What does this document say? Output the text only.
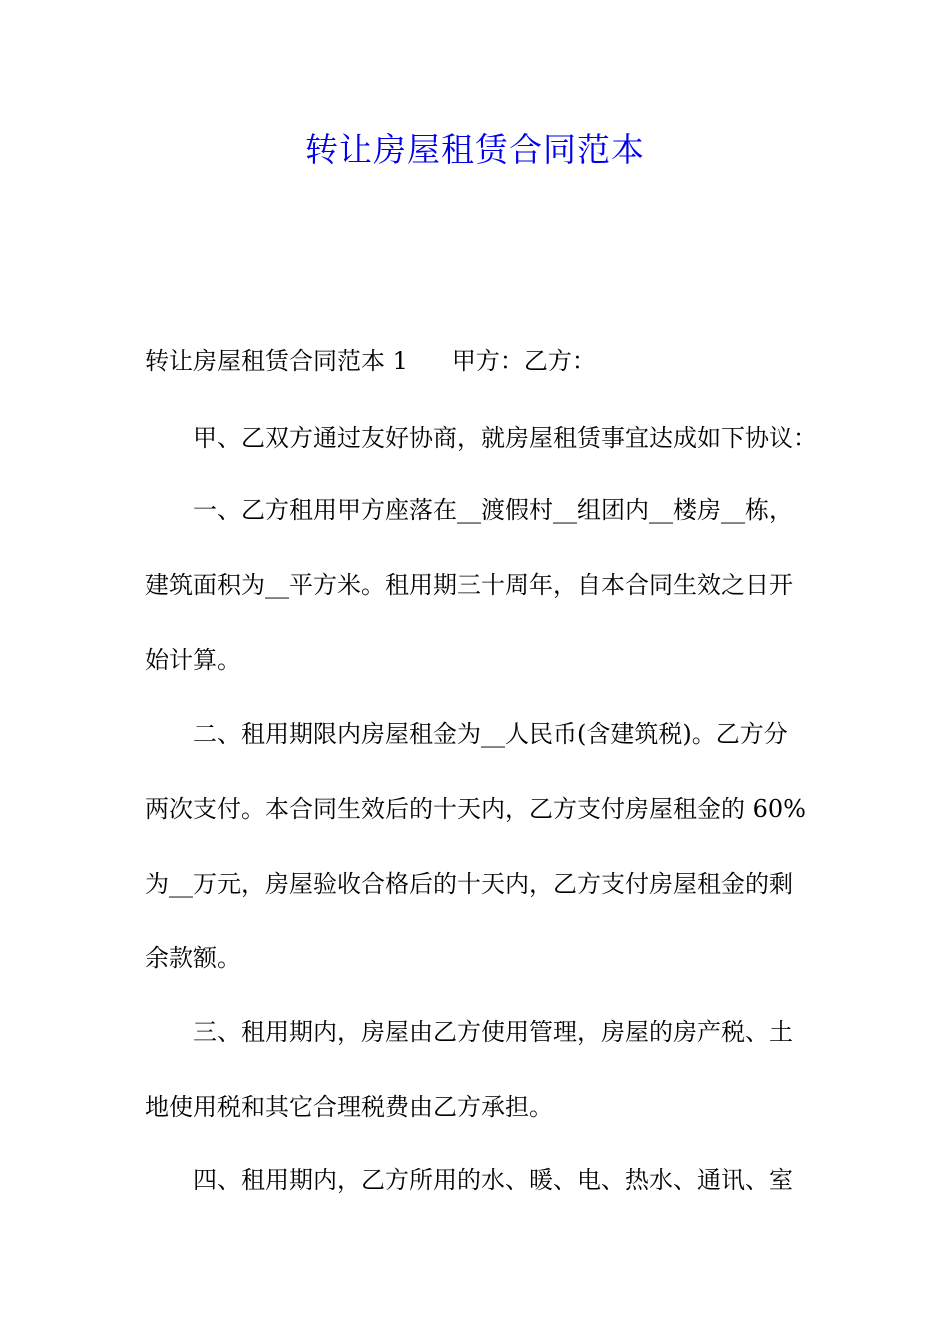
转让房屋租赁合同范本

转让房屋租赁合同范本 1 甲方：乙方：

甲、乙双方通过友好协商，就房屋租赁事宜达成如下协议：

一、乙方租用甲方座落在__渡假村__组团内__楼房__栋，

建筑面积为__平方米。租用期三十周年，自本合同生效之日开

始计算。

二、租用期限内房屋租金为__人民币(含建筑税)。乙方分

两次支付。本合同生效后的十天内，乙方支付房屋租金的 60%

为__万元，房屋验收合格后的十天内，乙方支付房屋租金的剩

余款额。

三、租用期内，房屋由乙方使用管理，房屋的房产税、土

地使用税和其它合理税费由乙方承担。

四、租用期内，乙方所用的水、暖、电、热水、通讯、室
